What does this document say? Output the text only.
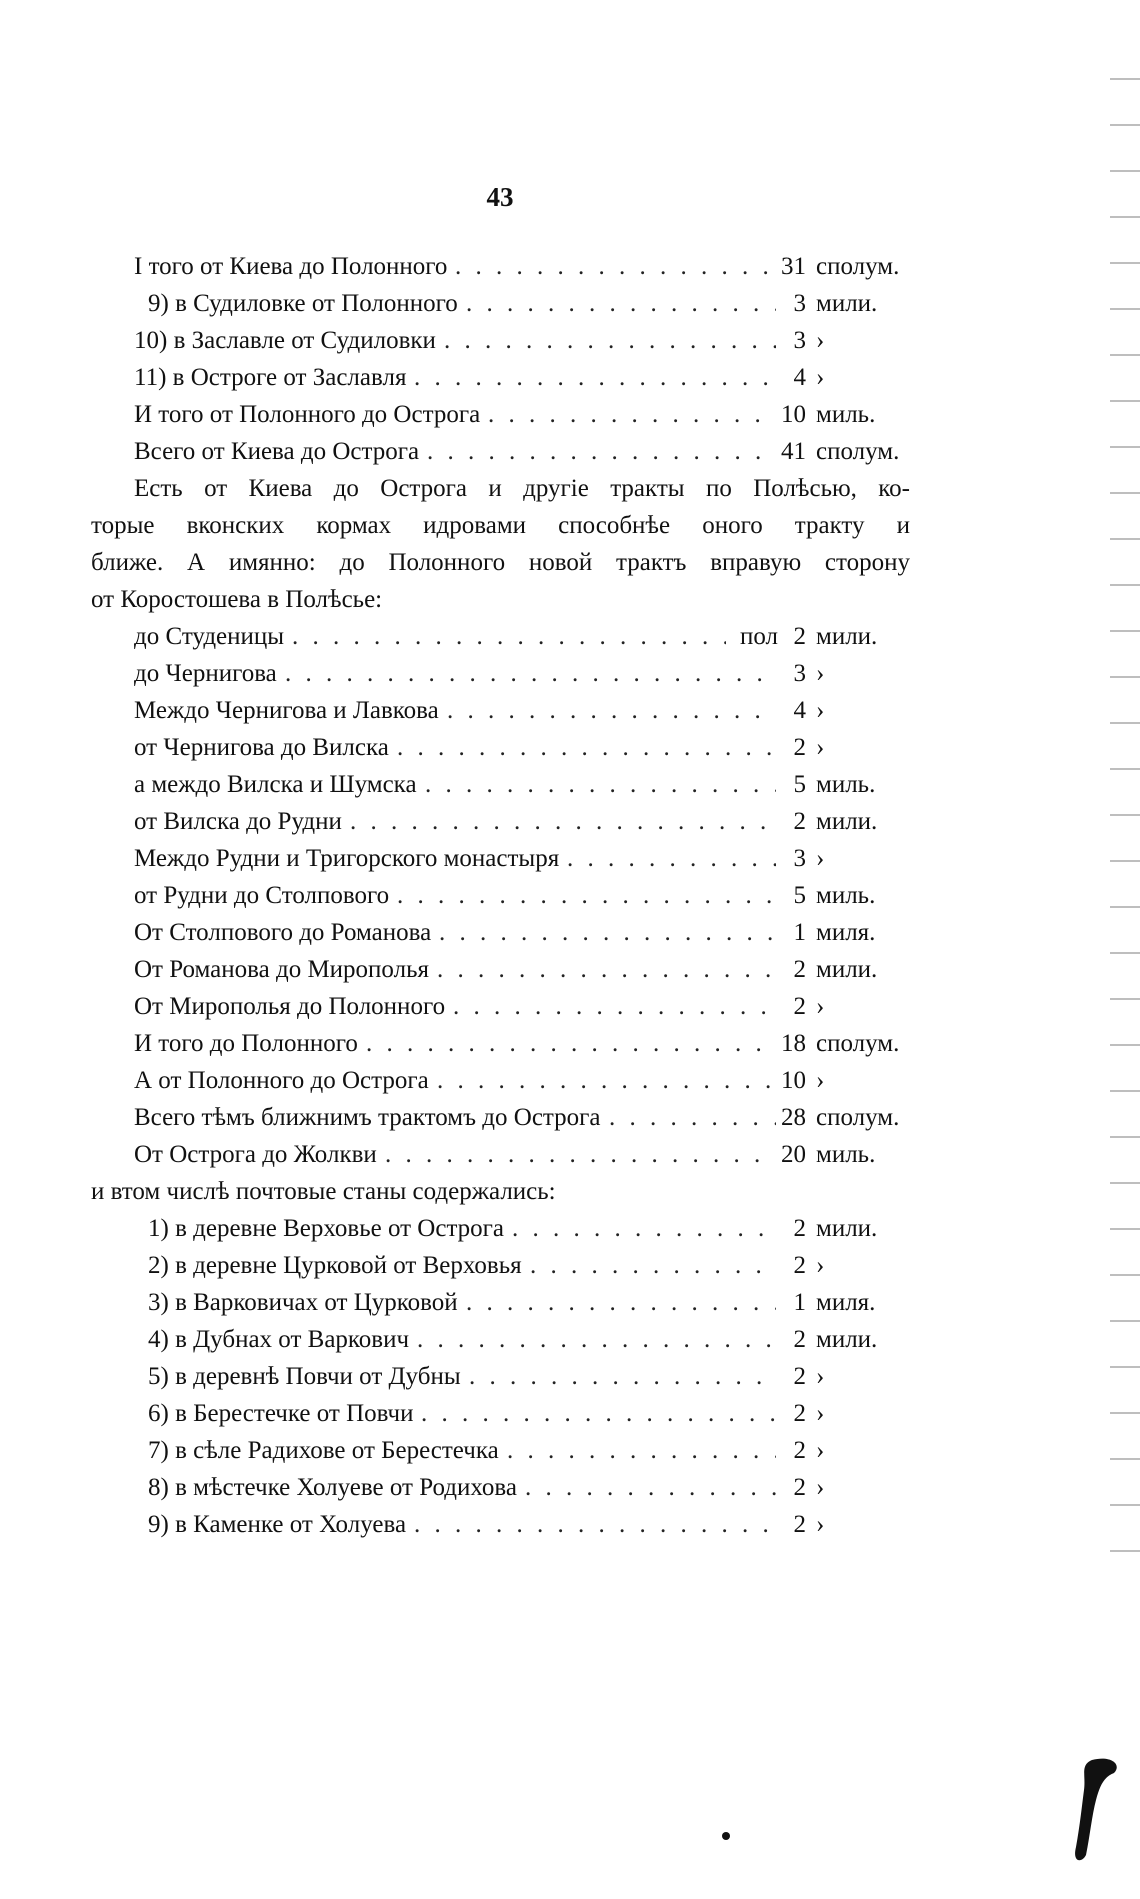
43
І того от Киева до Полонного . . .	31 сполум.
9) в Судиловке от Полонного . . .	3 мили.
10) в Заславле от Судиловки . . .	3 ›
11) в Остроге от Заславля . . .	4 ›
И того от Полонного до Острога . . .	10 миль.
Всего от Киева до Острога . . .	41 сполум.
Есть от Киева до Острога и другіе тракты по Полѣсью, ко-
торые вконских кормах идровами способнѣе оного тракту и
ближе. А имянно: до Полонного новой трактъ вправую сторону
от Коростошева в Полѣсье:
до Студеницы . . .	пол 2 мили.
до Чернигова . . .	3 ›
Междо Чернигова и Лавкова . . .	4 ›
от Чернигова до Вилска . . .	2 ›
а междо Вилска и Шумска . . .	5 миль.
от Вилска до Рудни . . .	2 мили.
Междо Рудни и Тригорского монастыря . . .	3 ›
от Рудни до Столпового . . .	5 миль.
От Столпового до Романова . . .	1 миля.
От Романова до Мирополья . . .	2 мили.
От Мирополья до Полонного . . .	2 ›
И того до Полонного . . .	18 сполум.
А от Полонного до Острога . . .	10 ›
Всего тѣмъ ближнимъ трактомъ до Острога . . .	28 сполум.
От Острога до Жолкви . . .	20 миль.
и втом числѣ почтовые станы содержались:
1) в деревне Верховье от Острога . . .	2 мили.
2) в деревне Цурковой от Верховья . . .	2 ›
3) в Варковичах от Цурковой . . .	1 миля.
4) в Дубнах от Варкович . . .	2 мили.
5) в деревнѣ Повчи от Дубны . . .	2 ›
6) в Берестечке от Повчи . . .	2 ›
7) в сѣле Радихове от Берестечка . . .	2 ›
8) в мѣстечке Холуеве от Родихова . . .	2 ›
9) в Каменке от Холуева . . .	2 ›
